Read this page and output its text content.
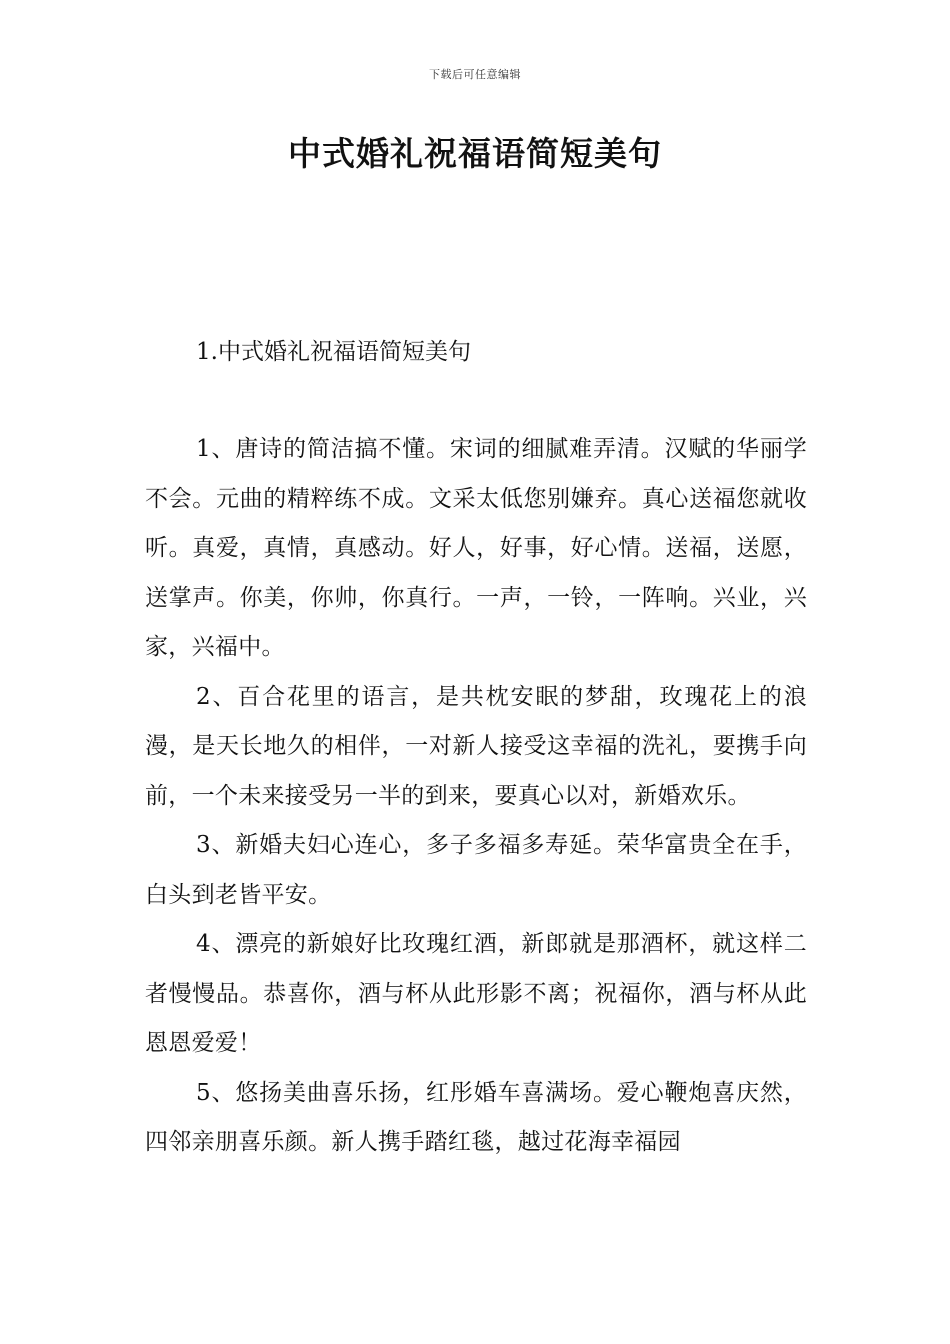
下载后可任意编辑
中式婚礼祝福语简短美句
1.中式婚礼祝福语简短美句

1、唐诗的简洁搞不懂。宋词的细腻难弄清。汉赋的华丽学不会。元曲的精粹练不成。文采太低您别嫌弃。真心送福您就收听。真爱，真情，真感动。好人，好事，好心情。送福，送愿，送掌声。你美，你帅，你真行。一声，一铃，一阵响。兴业，兴家，兴福中。

2、百合花里的语言，是共枕安眠的梦甜，玫瑰花上的浪漫，是天长地久的相伴，一对新人接受这幸福的洗礼，要携手向前，一个未来接受另一半的到来，要真心以对，新婚欢乐。

3、新婚夫妇心连心，多子多福多寿延。荣华富贵全在手，白头到老皆平安。

4、漂亮的新娘好比玫瑰红酒，新郎就是那酒杯，就这样二者慢慢品。恭喜你，酒与杯从此形影不离；祝福你，酒与杯从此恩恩爱爱！

5、悠扬美曲喜乐扬，红彤婚车喜满场。爱心鞭炮喜庆然，四邻亲朋喜乐颜。新人携手踏红毯，越过花海幸福园
